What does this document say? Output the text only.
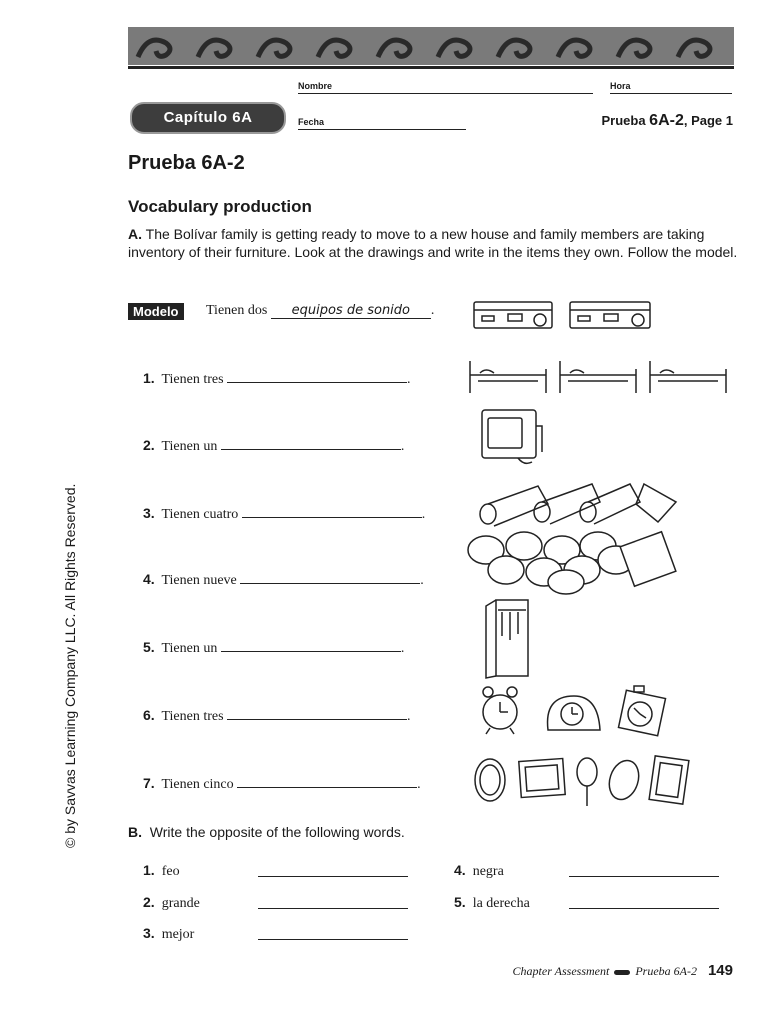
Nombre	Hora
Capítulo 6A	Fecha	Prueba 6A-2, Page 1
Prueba 6A-2
Vocabulary production
A. The Bolívar family is getting ready to move to a new house and family members are taking inventory of their furniture. Look at the drawings and write in the items they own. Follow the model.
Modelo	Tienen dos equipos de sonido .
1. Tienen tres	.
2. Tienen un	.
3. Tienen cuatro	.
4. Tienen nueve	.
5. Tienen un	.
6. Tienen tres	.
7. Tienen cinco	.
B. Write the opposite of the following words.
1. feo
2. grande
3. mejor
4. negra
5. la derecha
© by Savvas Learning Company LLC. All Rights Reserved.
Chapter Assessment Prueba 6A-2 149
